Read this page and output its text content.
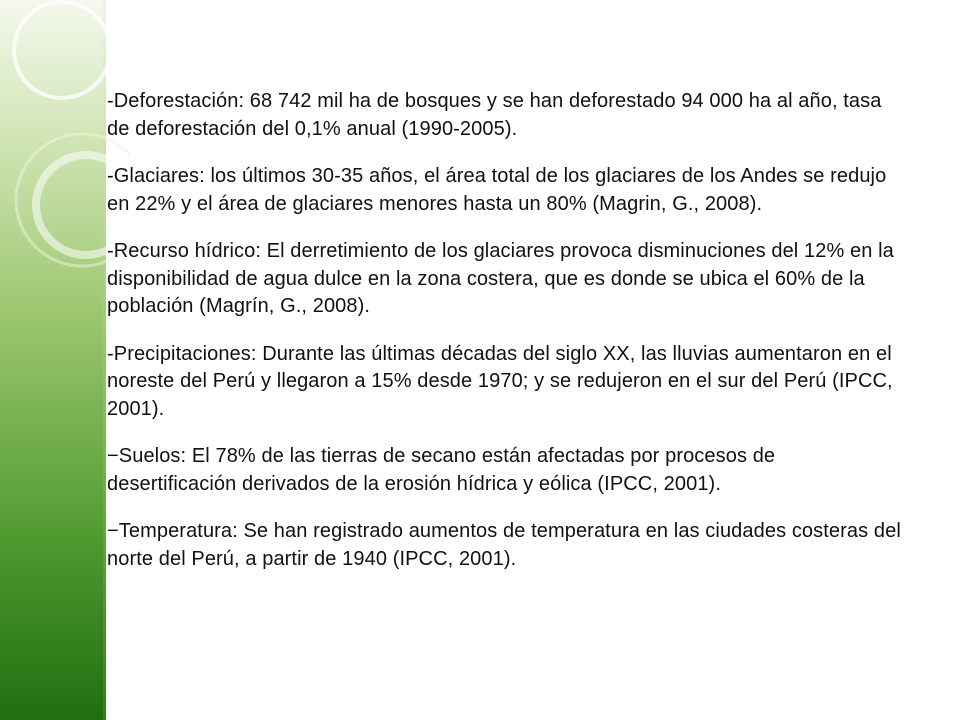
-Deforestación: 68 742 mil ha de bosques y se han deforestado 94 000 ha al año, tasa de deforestación del 0,1% anual (1990-2005).

-Glaciares: los últimos 30-35 años, el área total de los glaciares de los Andes se redujo en 22% y el área de glaciares menores hasta un 80% (Magrin, G., 2008).

-Recurso hídrico: El derretimiento de los glaciares provoca disminuciones del 12% en la disponibilidad de agua dulce en la zona costera, que es donde se ubica el 60% de la población (Magrín, G., 2008).

-Precipitaciones: Durante las últimas décadas del siglo XX, las lluvias aumentaron en el noreste del Perú y llegaron a 15% desde 1970; y se redujeron en el sur del Perú (IPCC, 2001).

−Suelos: El 78% de las tierras de secano están afectadas por procesos de desertificación derivados de la erosión hídrica y eólica (IPCC, 2001).

−Temperatura: Se han registrado aumentos de temperatura en las ciudades costeras del norte del Perú, a partir de 1940 (IPCC, 2001).
